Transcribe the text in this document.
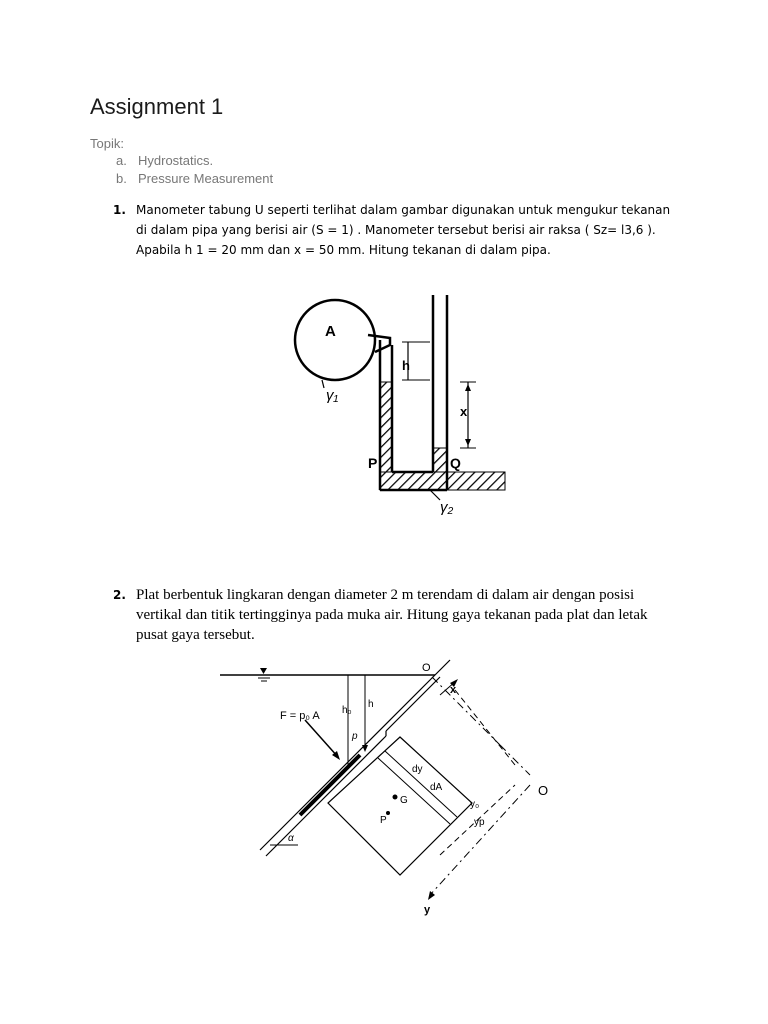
Assignment 1
Topik:
a. Hydrostatics.
b. Pressure Measurement
1. Manometer tabung U seperti terlihat dalam gambar digunakan untuk mengukur tekanan di dalam pipa yang berisi air (S = 1) . Manometer tersebut berisi air raksa ( Sz= l3,6 ). Apabila h 1 = 20 mm dan x = 50 mm. Hitung tekanan di dalam pipa.
A
h
γ₁
x
P	Q
γ₂
2. Plat berbentuk lingkaran dengan diameter 2 m terendam di dalam air dengan posisi vertikal dan titik tertingginya pada muka air. Hitung gaya tekanan pada plat dan letak pusat gaya tersebut.
O
x
F = p₀ A h₀
h
p
dy
dA
G
P
y₀
yp
O
y
α
